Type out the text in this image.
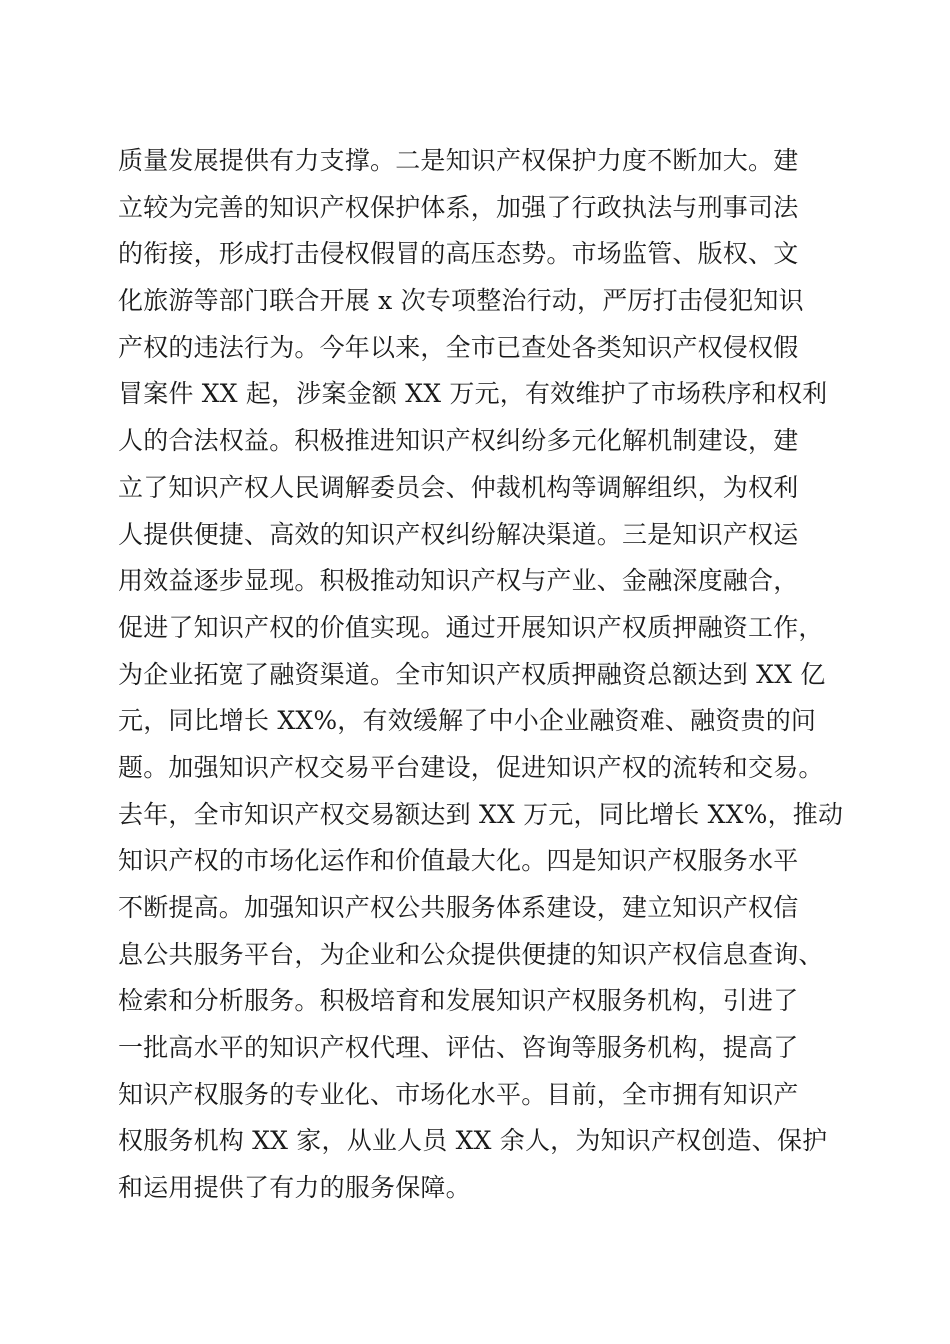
质量发展提供有力支撑。二是知识产权保护力度不断加大。建
立较为完善的知识产权保护体系，加强了行政执法与刑事司法
的衔接，形成打击侵权假冒的高压态势。市场监管、版权、文
化旅游等部门联合开展 x 次专项整治行动，严厉打击侵犯知识
产权的违法行为。今年以来，全市已查处各类知识产权侵权假
冒案件 XX 起，涉案金额 XX 万元，有效维护了市场秩序和权利
人的合法权益。积极推进知识产权纠纷多元化解机制建设，建
立了知识产权人民调解委员会、仲裁机构等调解组织，为权利
人提供便捷、高效的知识产权纠纷解决渠道。三是知识产权运
用效益逐步显现。积极推动知识产权与产业、金融深度融合，
促进了知识产权的价值实现。通过开展知识产权质押融资工作，
为企业拓宽了融资渠道。全市知识产权质押融资总额达到 XX 亿
元，同比增长 XX%，有效缓解了中小企业融资难、融资贵的问
题。加强知识产权交易平台建设，促进知识产权的流转和交易。
去年，全市知识产权交易额达到 XX 万元，同比增长 XX%，推动
知识产权的市场化运作和价值最大化。四是知识产权服务水平
不断提高。加强知识产权公共服务体系建设，建立知识产权信
息公共服务平台，为企业和公众提供便捷的知识产权信息查询、
检索和分析服务。积极培育和发展知识产权服务机构，引进了
一批高水平的知识产权代理、评估、咨询等服务机构，提高了
知识产权服务的专业化、市场化水平。目前，全市拥有知识产
权服务机构 XX 家，从业人员 XX 余人，为知识产权创造、保护
和运用提供了有力的服务保障。
